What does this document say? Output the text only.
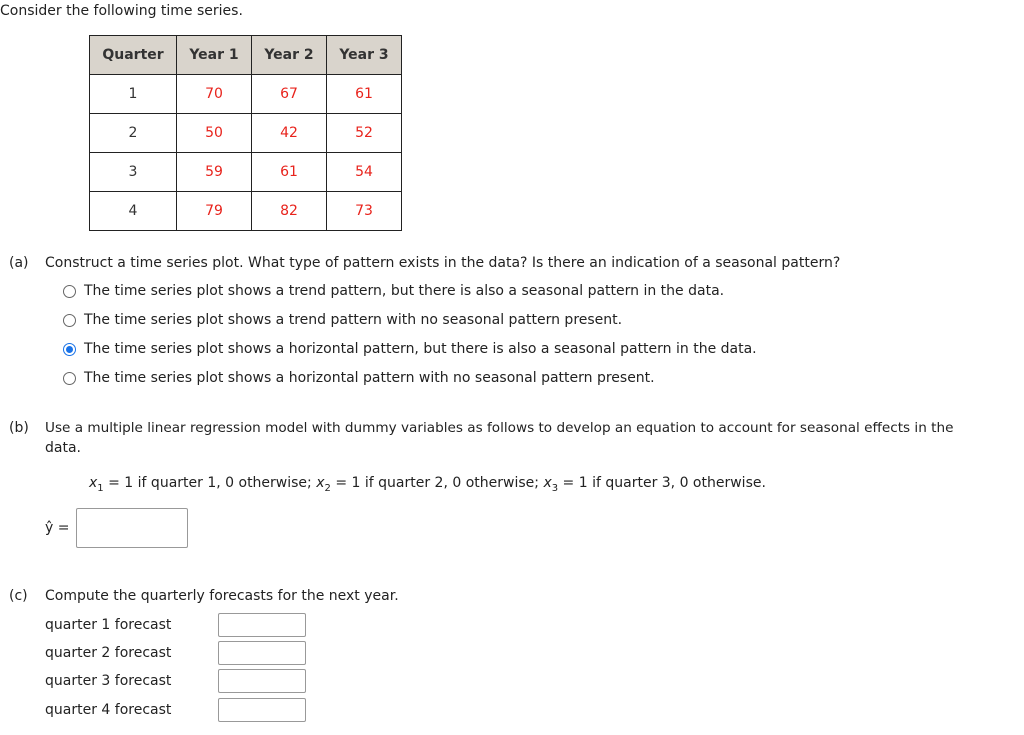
Consider the following time series.
Quarter	Year 1	Year 2	Year 3
1	70	67	61
2	50	42	52
3	59	61	54
4	79	82	73
(a) Construct a time series plot. What type of pattern exists in the data? Is there an indication of a seasonal pattern?
The time series plot shows a trend pattern, but there is also a seasonal pattern in the data.
The time series plot shows a trend pattern with no seasonal pattern present.
The time series plot shows a horizontal pattern, but there is also a seasonal pattern in the data.
The time series plot shows a horizontal pattern with no seasonal pattern present.
(b) Use a multiple linear regression model with dummy variables as follows to develop an equation to account for seasonal effects in the
data.
$x_1 = 1$ if quarter 1, 0 otherwise; $x_2 = 1$ if quarter 2, 0 otherwise; $x_3 = 1$ if quarter 3, 0 otherwise.
ŷ =
(c) Compute the quarterly forecasts for the next year.
quarter 1 forecast
quarter 2 forecast
quarter 3 forecast
quarter 4 forecast
